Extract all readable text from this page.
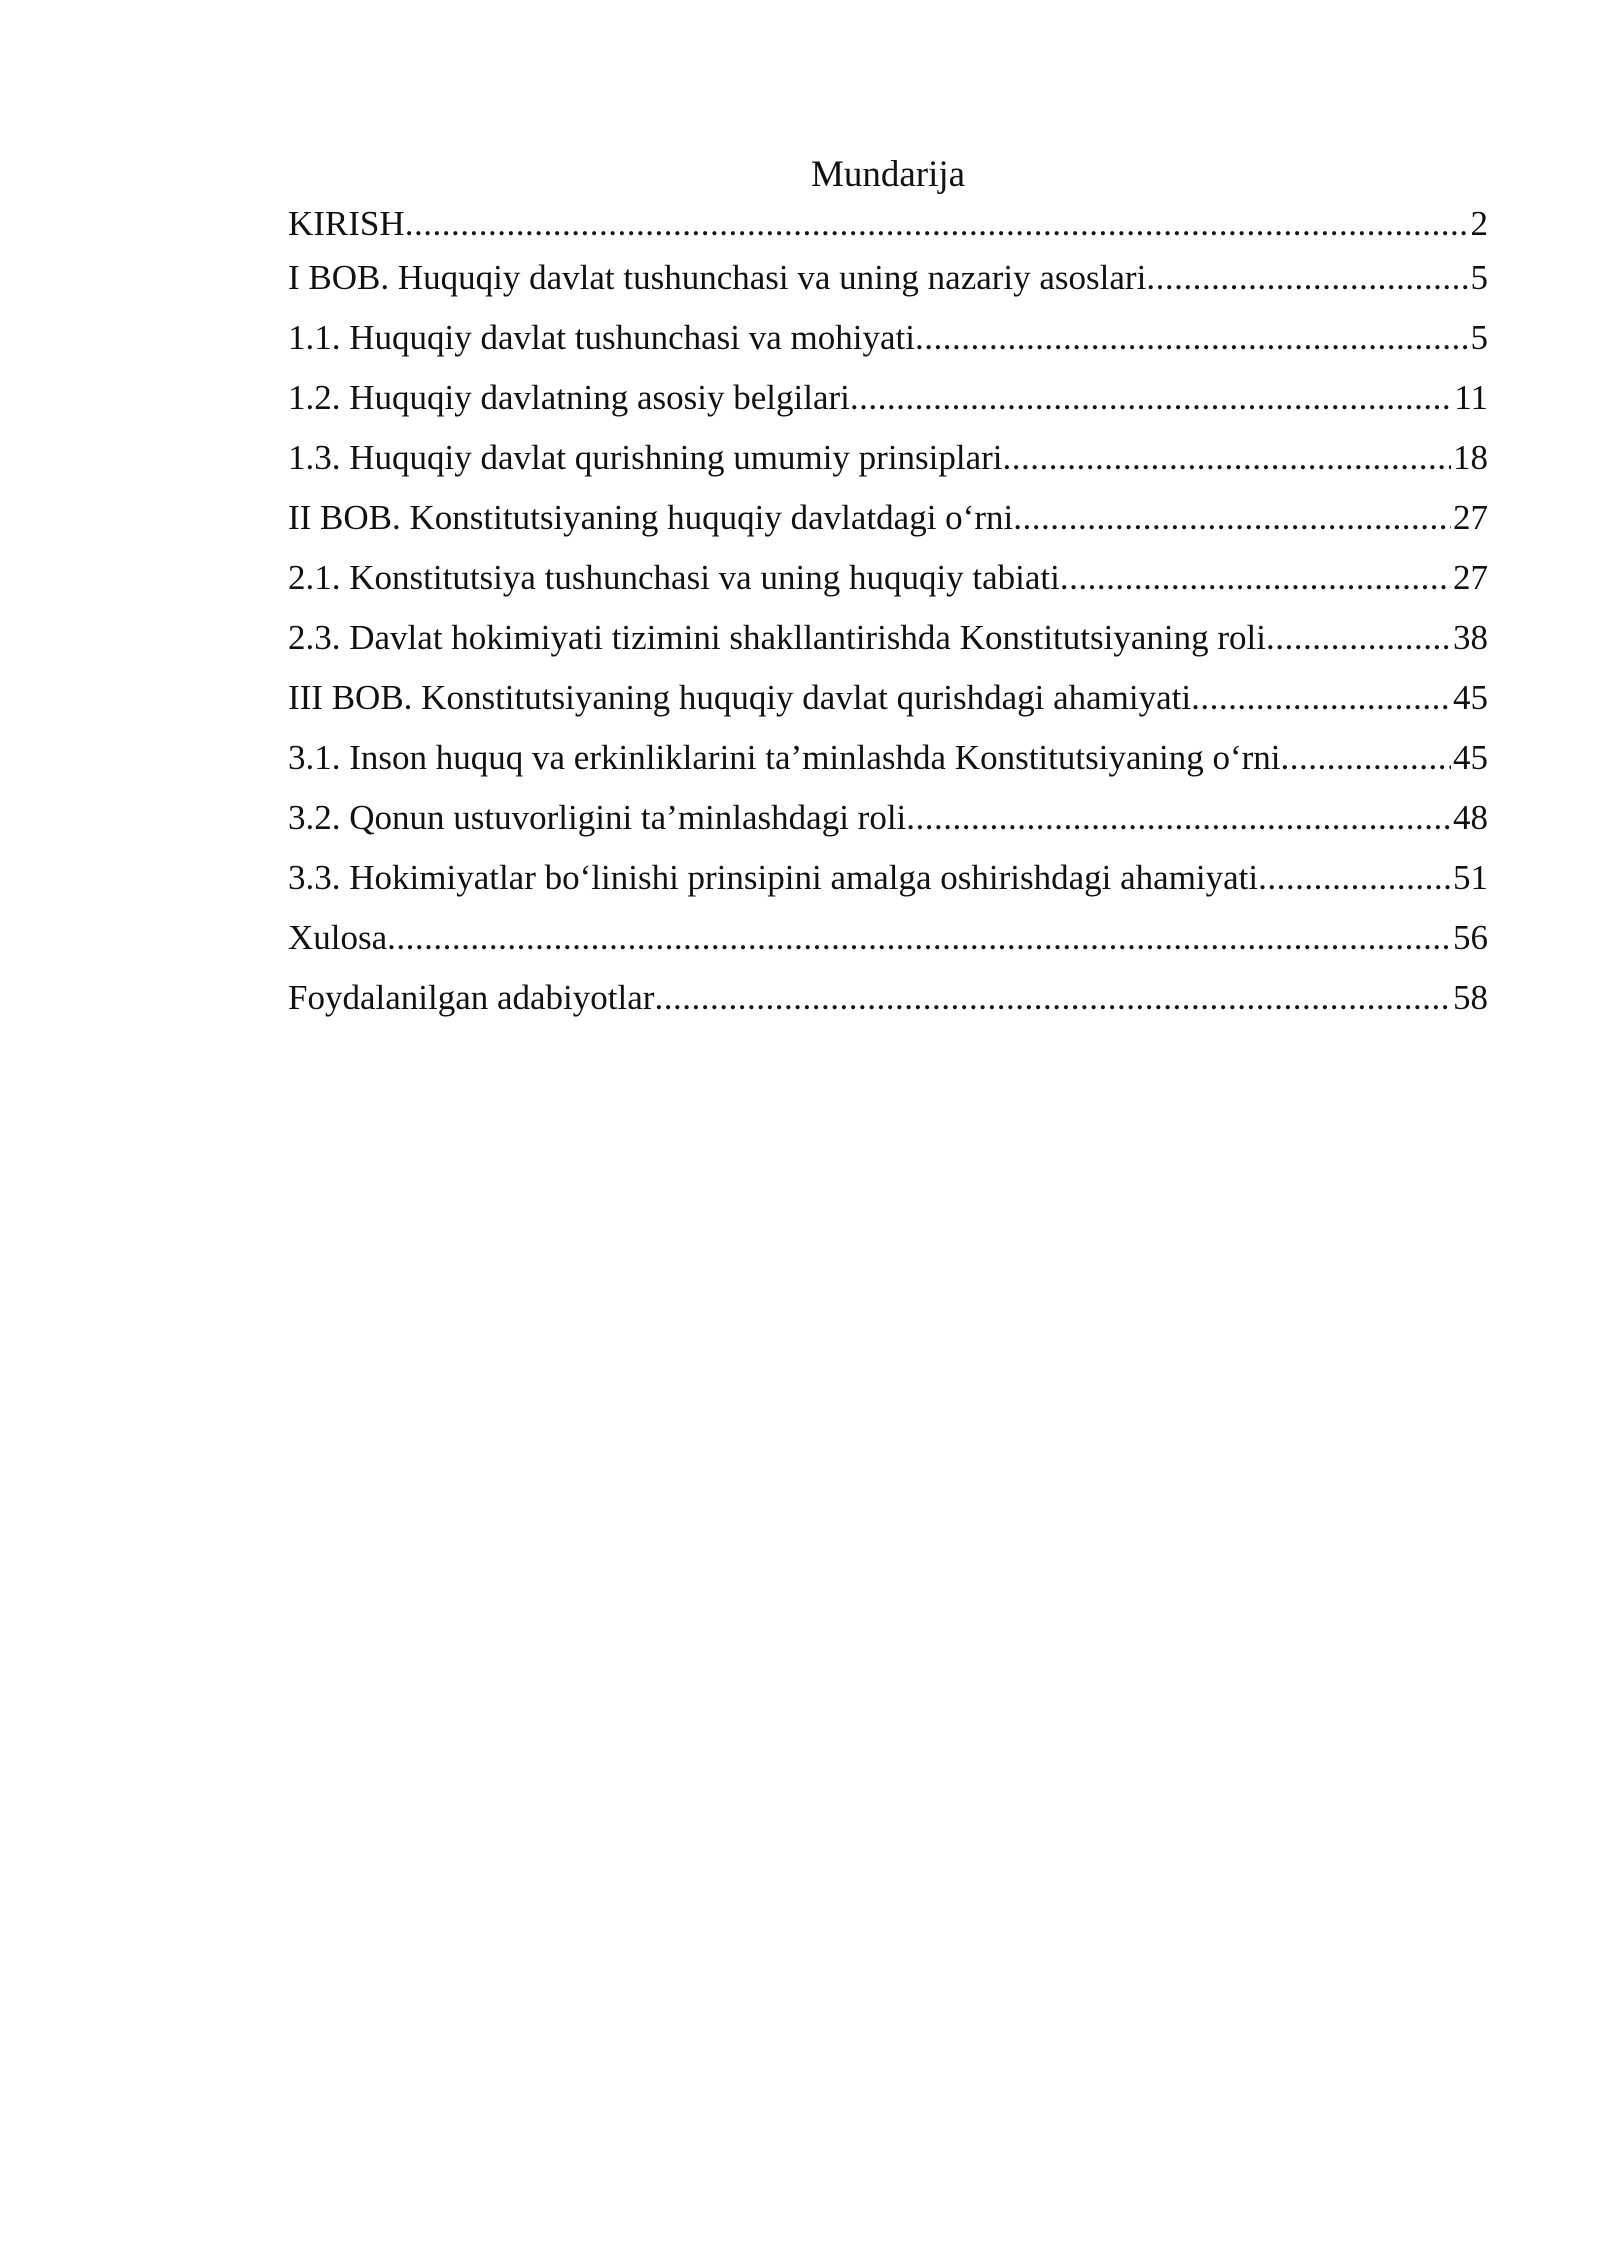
Mundarija
KIRISH .....	2
I BOB. Huquqiy davlat tushunchasi va uning nazariy asoslari .....	5
1.1. Huquqiy davlat tushunchasi va mohiyati .....	5
1.2. Huquqiy davlatning asosiy belgilari .....	11
1.3. Huquqiy davlat qurishning umumiy prinsiplari .....	18
II BOB. Konstitutsiyaning huquqiy davlatdagi o‘rni .....	27
2.1. Konstitutsiya tushunchasi va uning huquqiy tabiati .....	27
2.3. Davlat hokimiyati tizimini shakllantirishda Konstitutsiyaning roli .....	38
III BOB. Konstitutsiyaning huquqiy davlat qurishdagi ahamiyati .....	45
3.1. Inson huquq va erkinliklarini ta’minlashda Konstitutsiyaning o‘rni .....	45
3.2. Qonun ustuvorligini ta’minlashdagi roli .....	48
3.3. Hokimiyatlar bo‘linishi prinsipini amalga oshirishdagi ahamiyati .....	51
Xulosa .....	56
Foydalanilgan adabiyotlar .....	58
